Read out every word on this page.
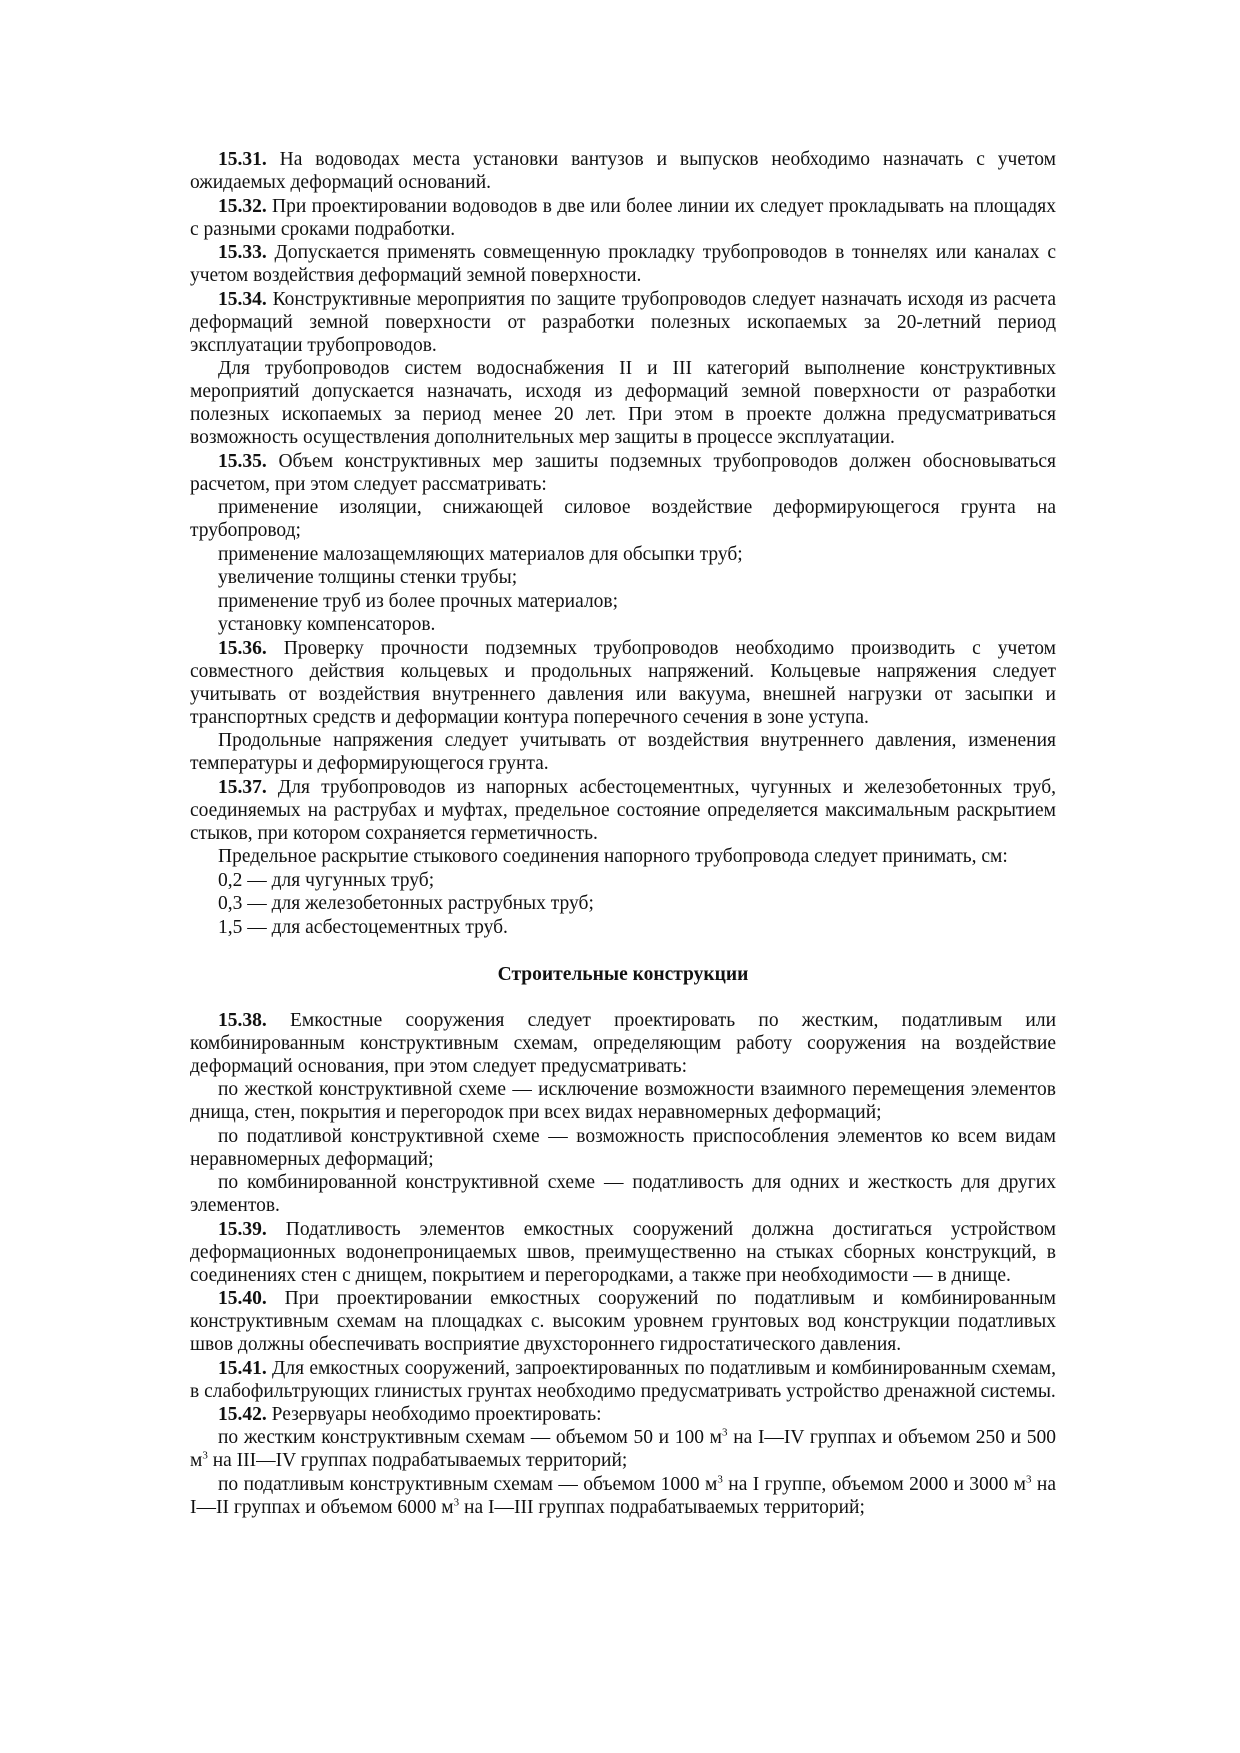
15.31. На водоводах места установки вантузов и выпусков необходимо назначать с учетом ожидаемых деформаций оснований.

15.32. При проектировании водоводов в две или более линии их следует прокладывать на площадях с разными сроками подработки.

15.33. Допускается применять совмещенную прокладку трубопроводов в тоннелях или каналах с учетом воздействия деформаций земной поверхности.

15.34. Конструктивные мероприятия по защите трубопроводов следует назначать исходя из расчета деформаций земной поверхности от разработки полезных ископаемых за 20-летний период эксплуатации трубопроводов.

Для трубопроводов систем водоснабжения II и III категорий выполнение конструктивных мероприятий допускается назначать, исходя из деформаций земной поверхности от разработки полезных ископаемых за период менее 20 лет. При этом в проекте должна предусматриваться возможность осуществления дополнительных мер защиты в процессе эксплуатации.

15.35. Объем конструктивных мер зашиты подземных трубопроводов должен обосновываться расчетом, при этом следует рассматривать:

применение изоляции, снижающей силовое воздействие деформирующегося грунта на трубопровод;

применение малозащемляющих материалов для обсыпки труб;

увеличение толщины стенки трубы;

применение труб из более прочных материалов;

установку компенсаторов.

15.36. Проверку прочности подземных трубопроводов необходимо производить с учетом совместного действия кольцевых и продольных напряжений. Кольцевые напряжения следует учитывать от воздействия внутреннего давления или вакуума, внешней нагрузки от засыпки и транспортных средств и деформации контура поперечного сечения в зоне уступа.

Продольные напряжения следует учитывать от воздействия внутреннего давления, изменения температуры и деформирующегося грунта.

15.37. Для трубопроводов из напорных асбестоцементных, чугунных и железобетонных труб, соединяемых на раструбах и муфтах, предельное состояние определяется максимальным раскрытием стыков, при котором сохраняется герметичность.

Предельное раскрытие стыкового соединения напорного трубопровода следует принимать, см:

0,2 — для чугунных труб;

0,3 — для железобетонных раструбных труб;

1,5 — для асбестоцементных труб.

Строительные конструкции

15.38. Емкостные сооружения следует проектировать по жестким, податливым или комбинированным конструктивным схемам, определяющим работу сооружения на воздействие деформаций основания, при этом следует предусматривать:

по жесткой конструктивной схеме — исключение возможности взаимного перемещения элементов днища, стен, покрытия и перегородок при всех видах неравномерных деформаций;

по податливой конструктивной схеме — возможность приспособления элементов ко всем видам неравномерных деформаций;

по комбинированной конструктивной схеме — податливость для одних и жесткость для других элементов.

15.39. Податливость элементов емкостных сооружений должна достигаться устройством деформационных водонепроницаемых швов, преимущественно на стыках сборных конструкций, в соединениях стен с днищем, покрытием и перегородками, а также при необходимости — в днище.

15.40. При проектировании емкостных сооружений по податливым и комбинированным конструктивным схемам на площадках с. высоким уровнем грунтовых вод конструкции податливых швов должны обеспечивать восприятие двухстороннего гидростатического давления.

15.41. Для емкостных сооружений, запроектированных по податливым и комбинированным схемам, в слабофильтрующих глинистых грунтах необходимо предусматривать устройство дренажной системы.

15.42. Резервуары необходимо проектировать:

по жестким конструктивным схемам — объемом 50 и 100 $м^3$ на I—IV группах и объемом 250 и 500 $м^3$ на III—IV группах подрабатываемых территорий;

по податливым конструктивным схемам — объемом 1000 $м^3$ на I группе, объемом 2000 и 3000 $м^3$ на I—II группах и объемом 6000 $м^3$ на I—III группах подрабатываемых территорий;
